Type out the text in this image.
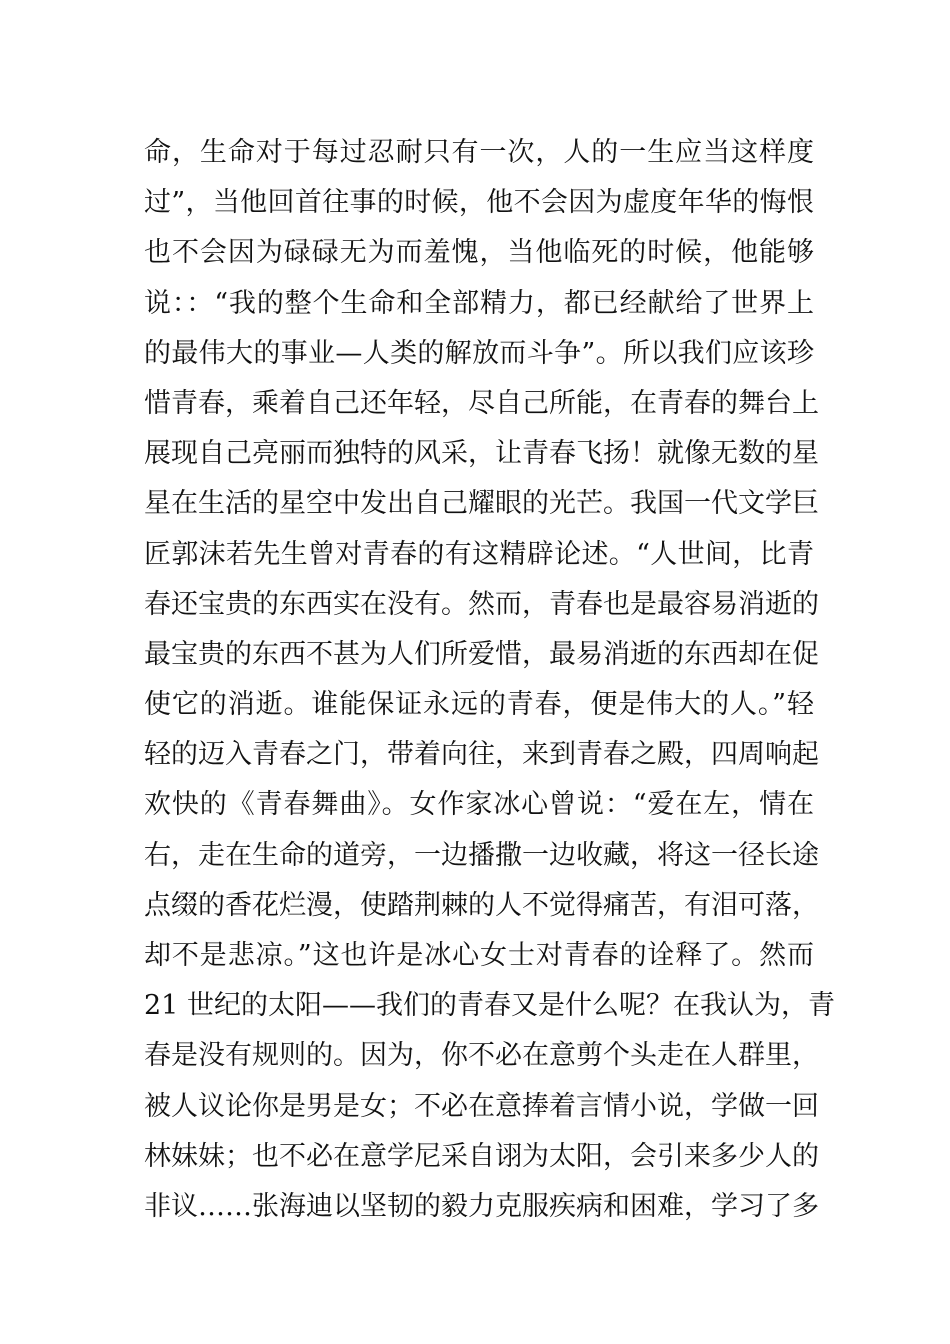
命，生命对于每过忍耐只有一次，人的一生应当这样度
过”，当他回首往事的时候，他不会因为虚度年华的悔恨
也不会因为碌碌无为而羞愧，当他临死的时候，他能够
说：：“我的整个生命和全部精力，都已经献给了世界上
的最伟大的事业—人类的解放而斗争”。所以我们应该珍
惜青春，乘着自己还年轻，尽自己所能，在青春的舞台上
展现自己亮丽而独特的风采，让青春飞扬！就像无数的星
星在生活的星空中发出自己耀眼的光芒。我国一代文学巨
匠郭沫若先生曾对青春的有这精辟论述。“人世间，比青
春还宝贵的东西实在没有。然而，青春也是最容易消逝的
最宝贵的东西不甚为人们所爱惜，最易消逝的东西却在促
使它的消逝。谁能保证永远的青春，便是伟大的人。”轻
轻的迈入青春之门，带着向往，来到青春之殿，四周响起
欢快的《青春舞曲》。女作家冰心曾说：“爱在左，情在
右，走在生命的道旁，一边播撒一边收藏，将这一径长途
点缀的香花烂漫，使踏荆棘的人不觉得痛苦，有泪可落，
却不是悲凉。”这也许是冰心女士对青春的诠释了。然而
21 世纪的太阳——我们的青春又是什么呢？在我认为，青
春是没有规则的。因为，你不必在意剪个头走在人群里，
被人议论你是男是女；不必在意捧着言情小说，学做一回
林妹妹；也不必在意学尼采自诩为太阳，会引来多少人的
非议……张海迪以坚韧的毅力克服疾病和困难，学习了多
